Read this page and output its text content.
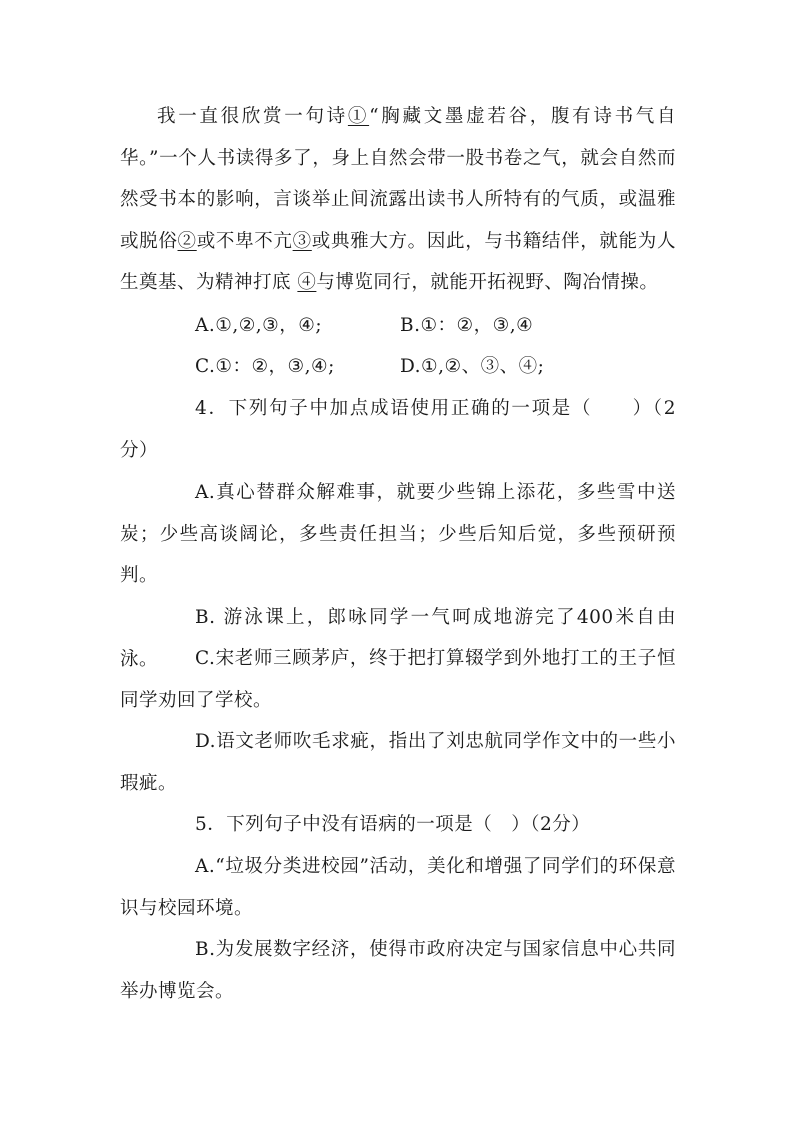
我一直很欣赏一句诗①“胸藏文墨虚若谷，腹有诗书气自华。”一个人书读得多了，身上自然会带一股书卷之气，就会自然而然受书本的影响，言谈举止间流露出读书人所特有的气质，或温雅或脱俗②或不卑不亢③或典雅大方。因此，与书籍结伴，就能为人生奠基、为精神打底 ④与博览同行，就能开拓视野、陶冶情操。

A.①,②,③，④;	B.①：②，③,④
C.①：②，③,④;	D.①,②、③、④;

4．下列句子中加点成语使用正确的一项是（　　）（2分）

A.真心替群众解难事，就要少些锦上添花，多些雪中送炭；少些高谈阔论，多些责任担当；少些后知后觉，多些预研预判。

B. 游泳课上，郎咏同学一气呵成地游完了400米自由泳。	C.宋老师三顾茅庐，终于把打算辍学到外地打工的王子恒同学劝回了学校。

D.语文老师吹毛求疵，指出了刘忠航同学作文中的一些小瑕疵。

5．下列句子中没有语病的一项是（　）（2分）

A.“垃圾分类进校园”活动，美化和增强了同学们的环保意识与校园环境。

B.为发展数字经济，使得市政府决定与国家信息中心共同举办博览会。
